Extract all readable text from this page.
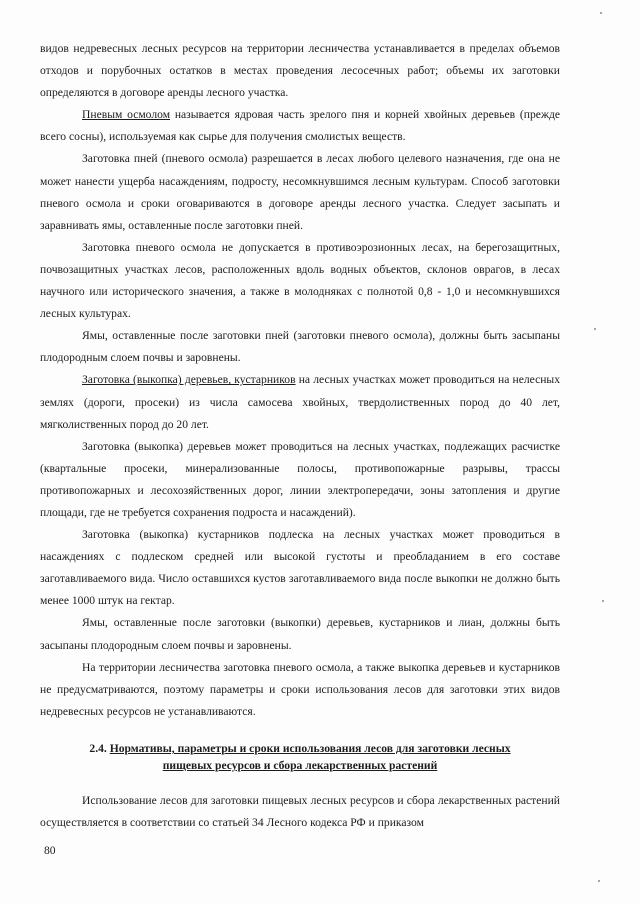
видов недревесных лесных ресурсов на территории лесничества устанавливается в пределах объемов отходов и порубочных остатков в местах проведения лесосечных работ; объемы их заготовки определяются в договоре аренды лесного участка.

Пневым осмолом называется ядровая часть зрелого пня и корней хвойных деревьев (прежде всего сосны), используемая как сырье для получения смолистых веществ.

Заготовка пней (пневого осмола) разрешается в лесах любого целевого назначения, где она не может нанести ущерба насаждениям, подросту, несомкнувшимся лесным культурам. Способ заготовки пневого осмола и сроки оговариваются в договоре аренды лесного участка. Следует засыпать и заравнивать ямы, оставленные после заготовки пней.

Заготовка пневого осмола не допускается в противоэрозионных лесах, на берегозащитных, почвозащитных участках лесов, расположенных вдоль водных объектов, склонов оврагов, в лесах научного или исторического значения, а также в молодняках с полнотой 0,8 - 1,0 и несомкнувшихся лесных культурах.

Ямы, оставленные после заготовки пней (заготовки пневого осмола), должны быть засыпаны плодородным слоем почвы и заровнены.

Заготовка (выкопка) деревьев, кустарников на лесных участках может проводиться на нелесных землях (дороги, просеки) из числа самосева хвойных, твердолиственных пород до 40 лет, мягколиственных пород до 20 лет.

Заготовка (выкопка) деревьев может проводиться на лесных участках, подлежащих расчистке (квартальные просеки, минерализованные полосы, противопожарные разрывы, трассы противопожарных и лесохозяйственных дорог, линии электропередачи, зоны затопления и другие площади, где не требуется сохранения подроста и насаждений).

Заготовка (выкопка) кустарников подлеска на лесных участках может проводиться в насаждениях с подлеском средней или высокой густоты и преобладанием в его составе заготавливаемого вида. Число оставшихся кустов заготавливаемого вида после выкопки не должно быть менее 1000 штук на гектар.

Ямы, оставленные после заготовки (выкопки) деревьев, кустарников и лиан, должны быть засыпаны плодородным слоем почвы и заровнены.

На территории лесничества заготовка пневого осмола, а также выкопка деревьев и кустарников не предусматриваются, поэтому параметры и сроки использования лесов для заготовки этих видов недревесных ресурсов не устанавливаются.

2.4. Нормативы, параметры и сроки использования лесов для заготовки лесных
пищевых ресурсов и сбора лекарственных растений

Использование лесов для заготовки пищевых лесных ресурсов и сбора лекарственных растений осуществляется в соответствии со статьей 34 Лесного кодекса РФ и приказом

80
